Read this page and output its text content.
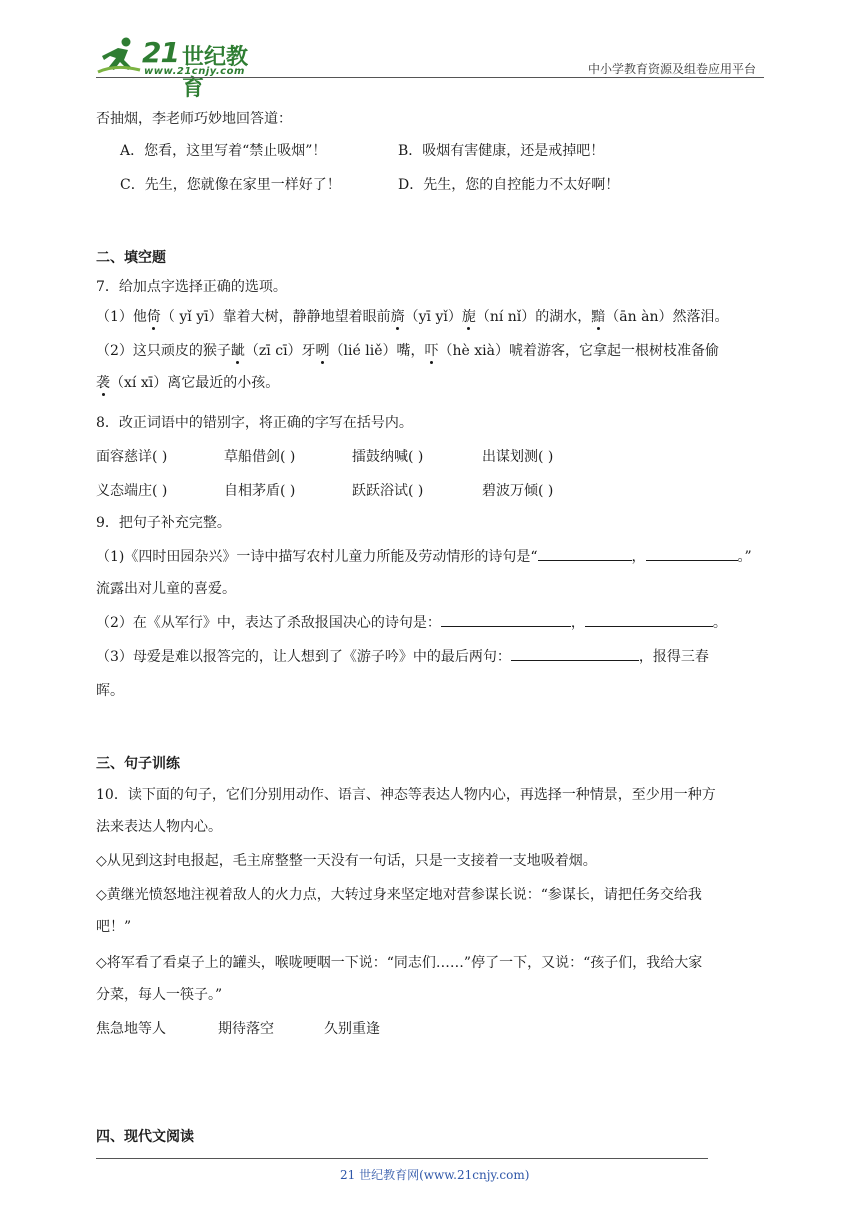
21 世纪教育
www.21cnjy.com	中小学教育资源及组卷应用平台
否抽烟，李老师巧妙地回答道：
A．您看，这里写着“禁止吸烟”！	B．吸烟有害健康，还是戒掉吧！
C．先生，您就像在家里一样好了！	D．先生，您的自控能力不太好啊！
二、填空题
7．给加点字选择正确的选项。
（1）他倚（ yǐ yī）靠着大树，静静地望着眼前旖（yī yǐ）旎（ní nǐ）的湖水，黯（ān àn）然落泪。
（2）这只顽皮的猴子龇（zī cī）牙咧（lié liě）嘴，吓（hè xià）唬着游客，它拿起一根树枝准备偷
袭（xí xī）离它最近的小孩。
8．改正词语中的错别字，将正确的字写在括号内。
面容慈详( )	草船借剑( )	擂鼓纳喊( )	出谋划测( )
义态端庄( )	自相茅盾( )	跃跃浴试( )	碧波万倾( )
9．把句子补充完整。
（1)《四时田园杂兴》一诗中描写农村儿童力所能及劳动情形的诗句是“	，	。”
流露出对儿童的喜爱。
（2）在《从军行》中，表达了杀敌报国决心的诗句是：	，	。
（3）母爱是难以报答完的，让人想到了《游子吟》中的最后两句：	，报得三春
晖。
三、句子训练
10．读下面的句子，它们分别用动作、语言、神态等表达人物内心，再选择一种情景，至少用一种方
法来表达人物内心。
◇从见到这封电报起，毛主席整整一天没有一句话，只是一支接着一支地吸着烟。
◇黄继光愤怒地注视着敌人的火力点，大转过身来坚定地对营参谋长说：“参谋长，请把任务交给我
吧！”
◇将军看了看桌子上的罐头，喉咙哽咽一下说：“同志们……”停了一下，又说：“孩子们，我给大家
分菜，每人一筷子。”
焦急地等人	期待落空	久别重逢
四、现代文阅读
21 世纪教育网(www.21cnjy.com)
